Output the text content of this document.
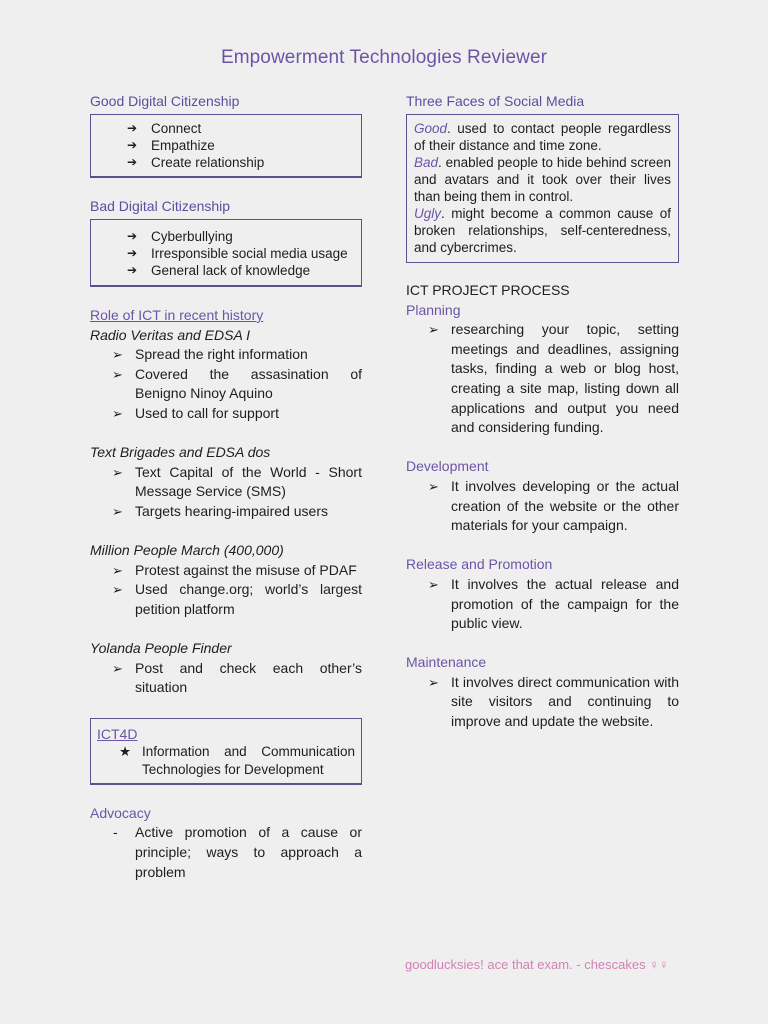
Empowerment Technologies Reviewer
Good Digital Citizenship
➔ Connect
➔ Empathize
➔ Create relationship
Bad Digital Citizenship
➔ Cyberbullying
➔ Irresponsible social media usage
➔ General lack of knowledge
Role of ICT in recent history
Radio Veritas and EDSA I
➢ Spread the right information
➢ Covered the assasination of Benigno Ninoy Aquino
➢ Used to call for support
Text Brigades and EDSA dos
➢ Text Capital of the World - Short Message Service (SMS)
➢ Targets hearing-impaired users
Million People March (400,000)
➢ Protest against the misuse of PDAF
➢ Used change.org; world’s largest petition platform
Yolanda People Finder
➢ Post and check each other’s situation
ICT4D
★ Information and Communication Technologies for Development
Advocacy
- Active promotion of a cause or principle; ways to approach a problem
Three Faces of Social Media
Good. used to contact people regardless of their distance and time zone.
Bad. enabled people to hide behind screen and avatars and it took over their lives than being them in control.
Ugly. might become a common cause of broken relationships, self-centeredness, and cybercrimes.
ICT PROJECT PROCESS
Planning
➢ researching your topic, setting meetings and deadlines, assigning tasks, finding a web or blog host, creating a site map, listing down all applications and output you need and considering funding.
Development
➢ It involves developing or the actual creation of the website or the other materials for your campaign.
Release and Promotion
➢ It involves the actual release and promotion of the campaign for the public view.
Maintenance
➢ It involves direct communication with site visitors and continuing to improve and update the website.
goodlucksies! ace that exam. - chescakes ♀♀
